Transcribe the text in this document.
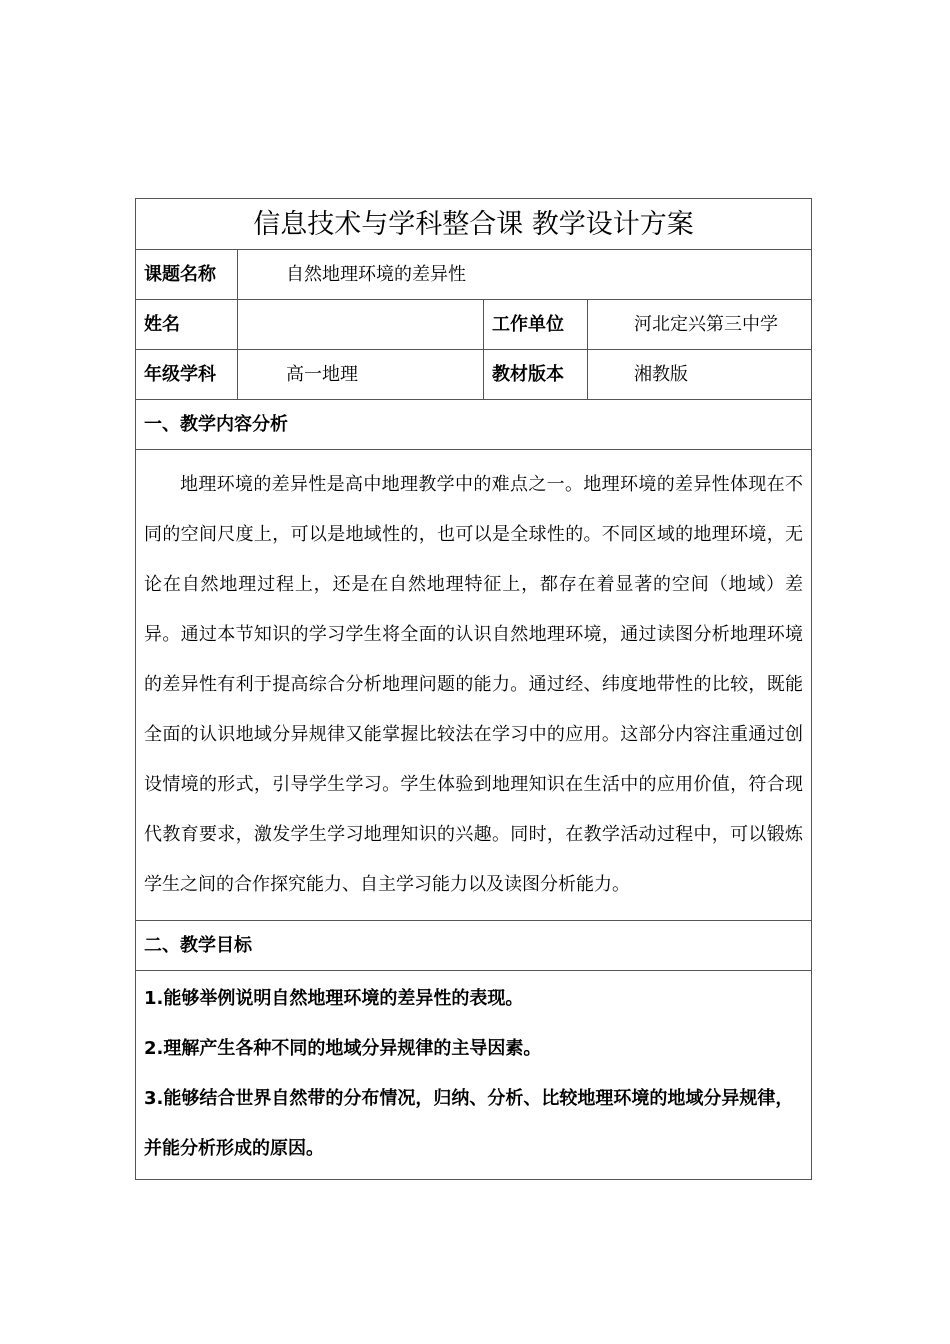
信息技术与学科整合课 教学设计方案			
课题名称	自然地理环境的差异性		
姓名		工作单位	河北定兴第三中学
年级学科	高一地理	教材版本	湘教版
一、教学内容分析			

地理环境的差异性是高中地理教学中的难点之一。地理环境的差异性体现在不同的空间尺度上，可以是地域性的，也可以是全球性的。不同区域的地理环境，无论在自然地理过程上，还是在自然地理特征上，都存在着显著的空间（地域）差异。通过本节知识的学习学生将全面的认识自然地理环境，通过读图分析地理环境的差异性有利于提高综合分析地理问题的能力。通过经、纬度地带性的比较，既能全面的认识地域分异规律又能掌握比较法在学习中的应用。这部分内容注重通过创设情境的形式，引导学生学习。学生体验到地理知识在生活中的应用价值，符合现代教育要求，激发学生学习地理知识的兴趣。同时，在教学活动过程中，可以锻炼学生之间的合作探究能力、自主学习能力以及读图分析能力。			

二、教学目标			

1.能够举例说明自然地理环境的差异性的表现。

2.理解产生各种不同的地域分异规律的主导因素。

3.能够结合世界自然带的分布情况，归纳、分析、比较地理环境的地域分异规律，并能分析形成的原因。			
